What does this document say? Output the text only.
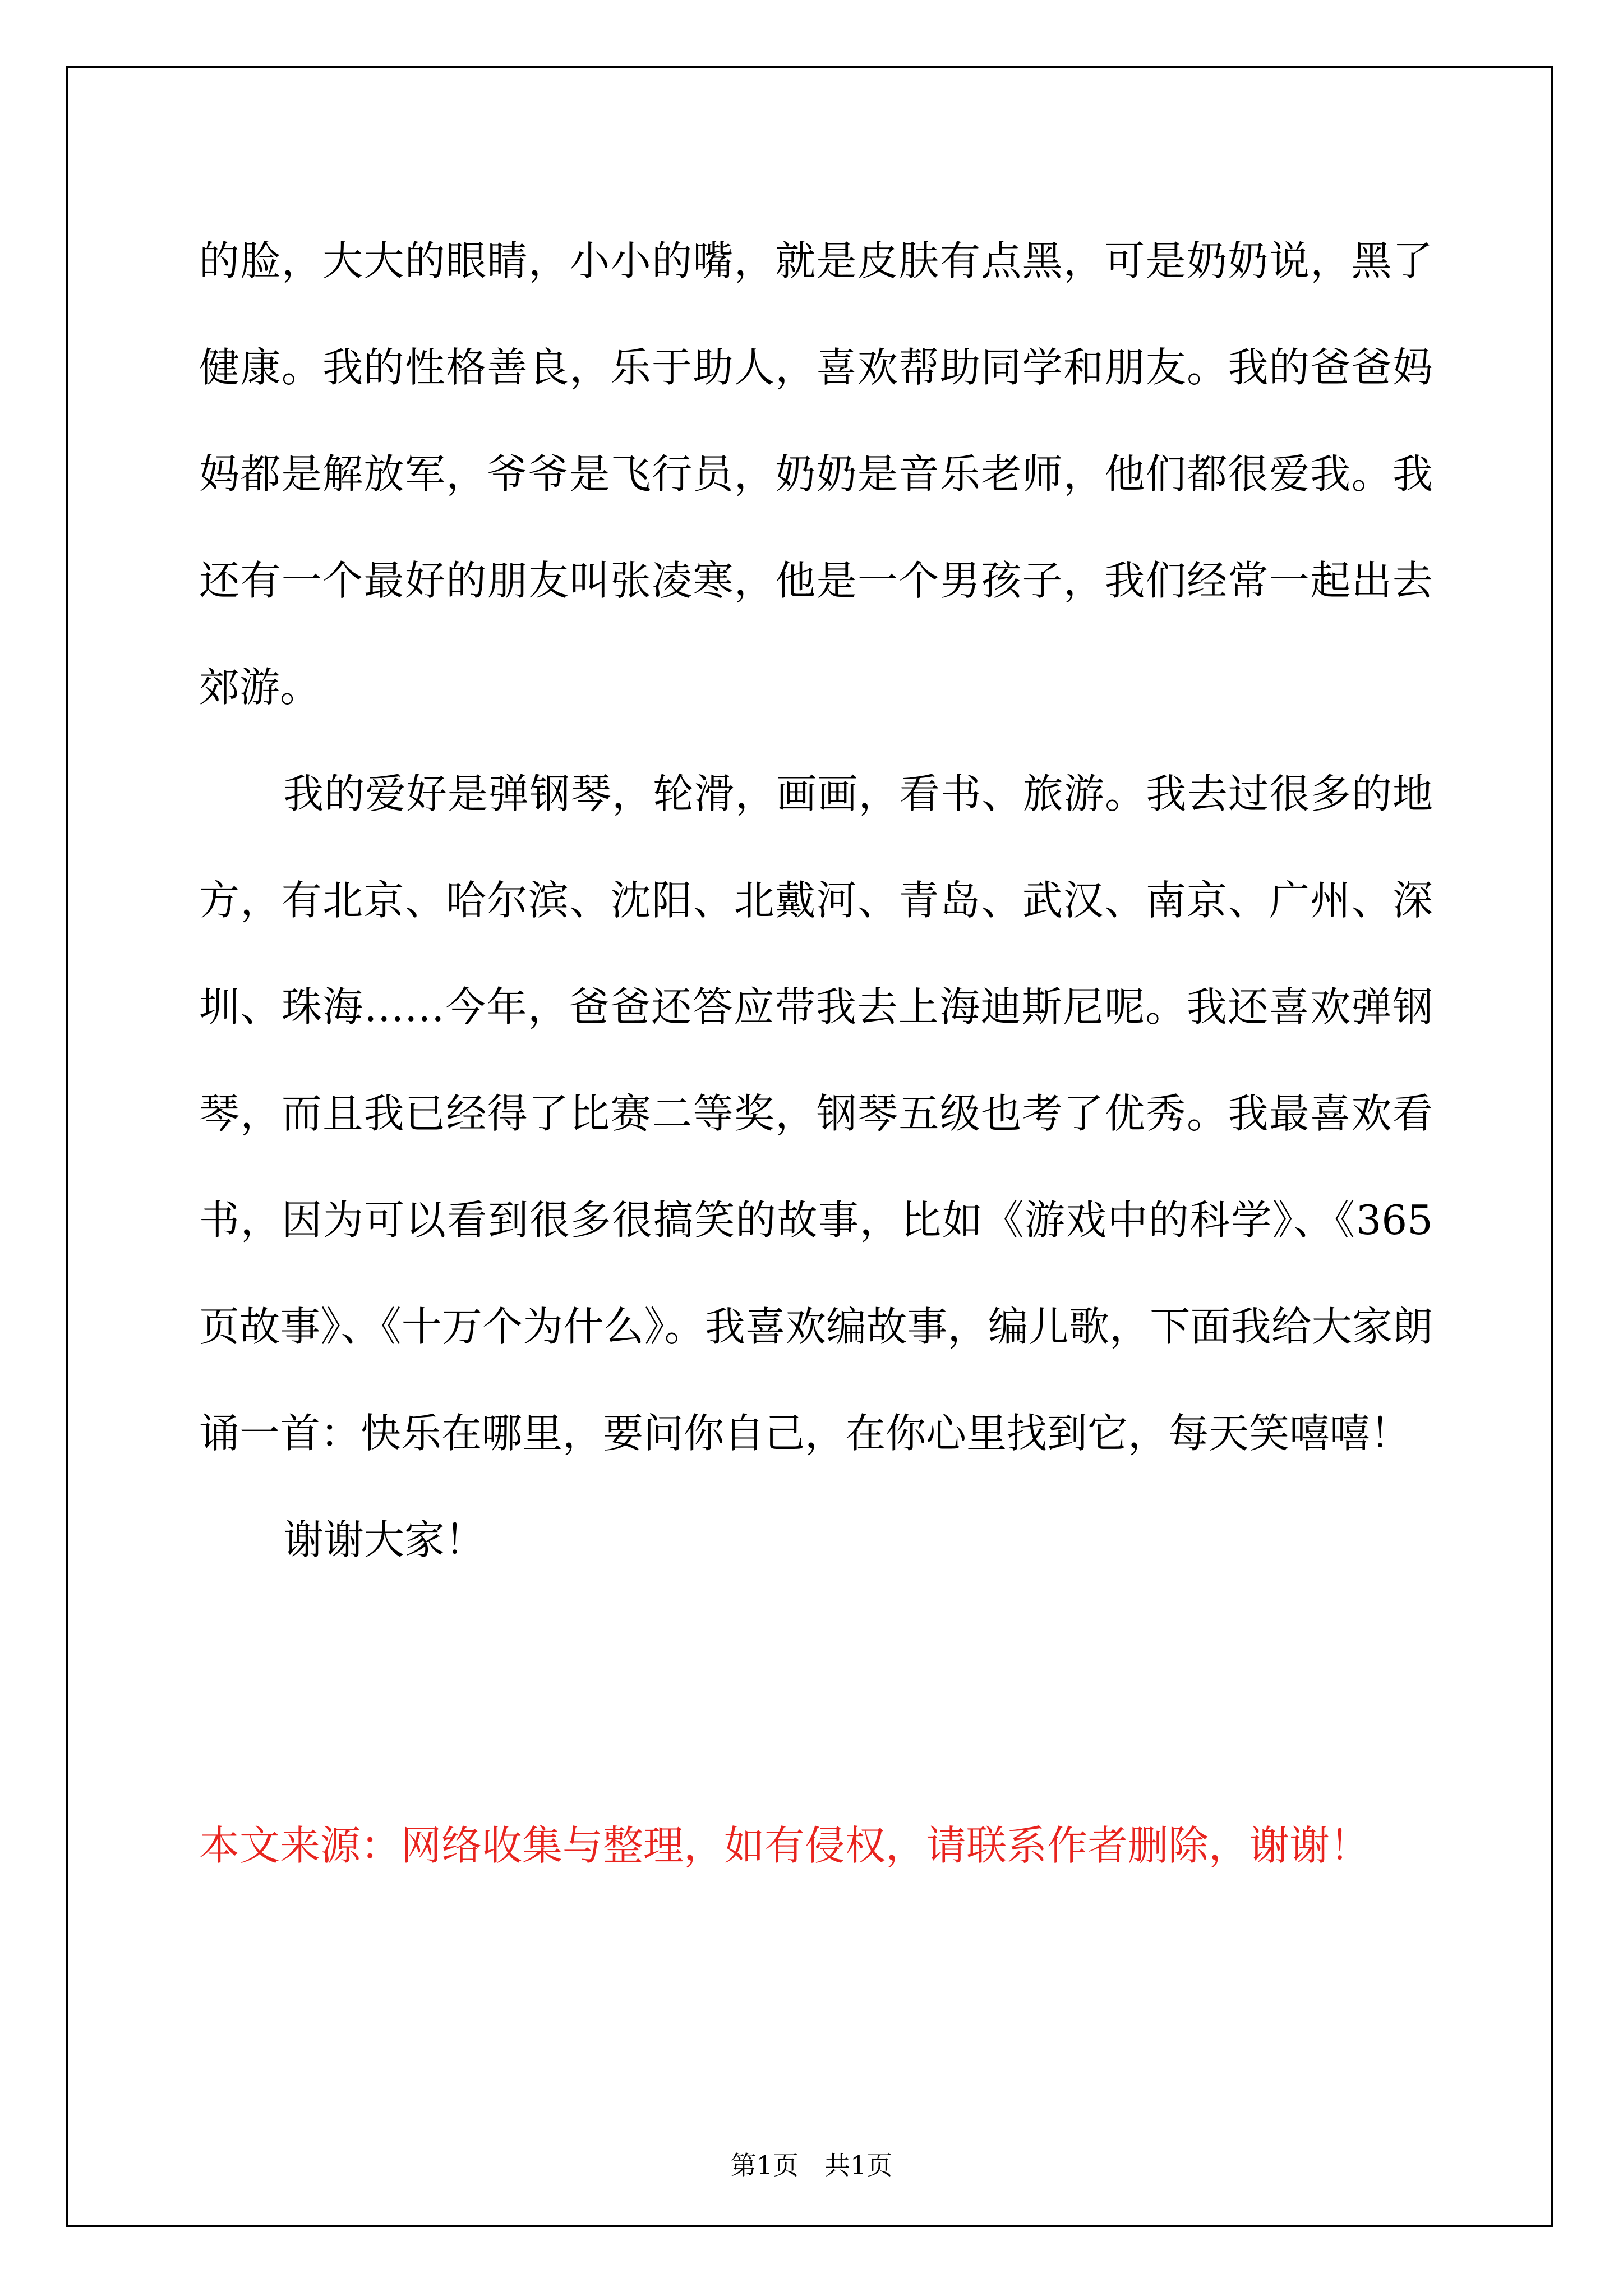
的脸，大大的眼睛，小小的嘴，就是皮肤有点黑，可是奶奶说，黑了健康。我的性格善良，乐于助人，喜欢帮助同学和朋友。我的爸爸妈妈都是解放军，爷爷是飞行员，奶奶是音乐老师，他们都很爱我。我还有一个最好的朋友叫张凌寒，他是一个男孩子，我们经常一起出去郊游。

我的爱好是弹钢琴，轮滑，画画，看书、旅游。我去过很多的地方，有北京、哈尔滨、沈阳、北戴河、青岛、武汉、南京、广州、深圳、珠海……今年，爸爸还答应带我去上海迪斯尼呢。我还喜欢弹钢琴，而且我已经得了比赛二等奖，钢琴五级也考了优秀。我最喜欢看书，因为可以看到很多很搞笑的故事，比如《游戏中的科学》、《365页故事》、《十万个为什么》。我喜欢编故事，编儿歌，下面我给大家朗诵一首：快乐在哪里，要问你自己，在你心里找到它，每天笑嘻嘻！

谢谢大家！

本文来源：网络收集与整理，如有侵权，请联系作者删除，谢谢！

第1页　共1页
